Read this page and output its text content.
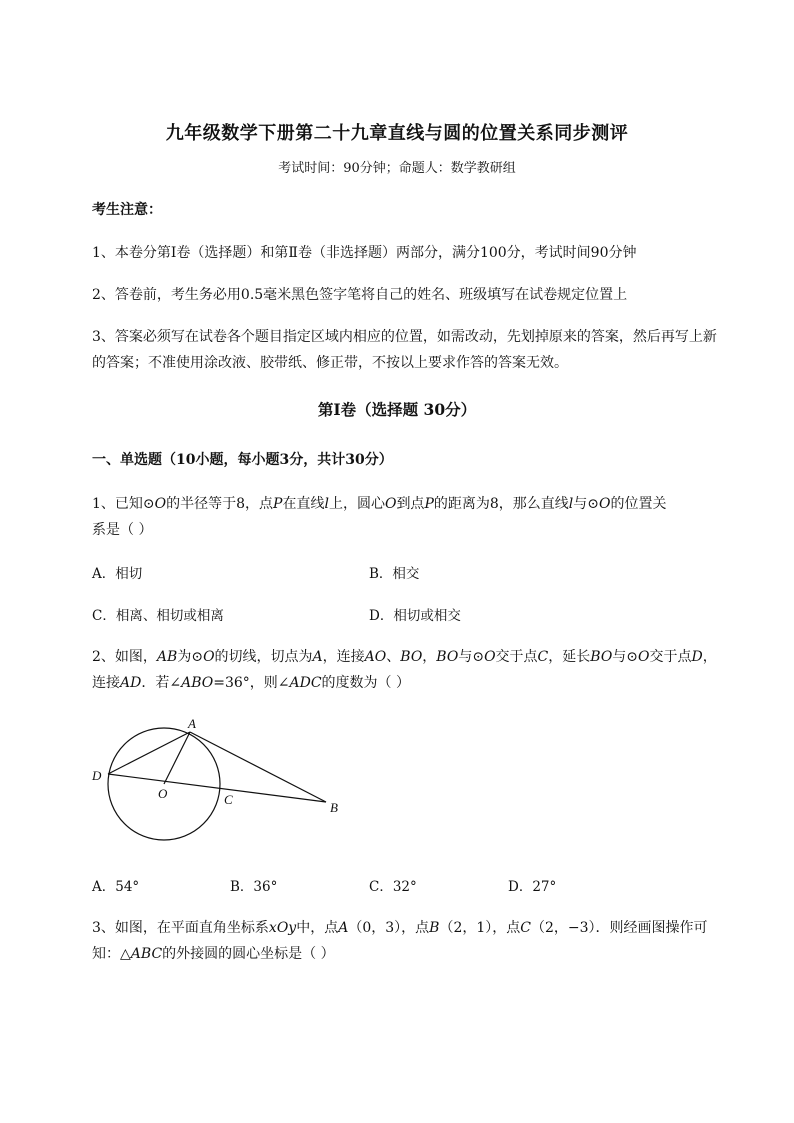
九年级数学下册第二十九章直线与圆的位置关系同步测评
考试时间：90分钟；命题人：数学教研组
考生注意：
1、本卷分第I卷（选择题）和第Ⅱ卷（非选择题）两部分，满分100分，考试时间90分钟
2、答卷前，考生务必用0.5毫米黑色签字笔将自己的姓名、班级填写在试卷规定位置上
3、答案必须写在试卷各个题目指定区域内相应的位置，如需改动，先划掉原来的答案，然后再写上新
的答案；不准使用涂改液、胶带纸、修正带，不按以上要求作答的答案无效。
第I卷（选择题 30分）
一、单选题（10小题，每小题3分，共计30分）
1、已知⊙O的半径等于8，点P在直线l上，圆心O到点P的距离为8，那么直线l与⊙O的位置关
系是（ ）
A．相切	B．相交
C．相离、相切或相离	D．相切或相交
2、如图，AB为⊙O的切线，切点为A，连接AO、BO，BO与⊙O交于点C，延长BO与⊙O交于点D，
连接AD．若∠ABO=36°，则∠ADC的度数为（ ）
A
D
O	C
B
A．54°	B．36°	C．32°	D．27°
3、如图，在平面直角坐标系xOy中，点A（0，3），点B（2，1），点C（2，−3）．则经画图操作可
知：△ABC的外接圆的圆心坐标是（ ）
